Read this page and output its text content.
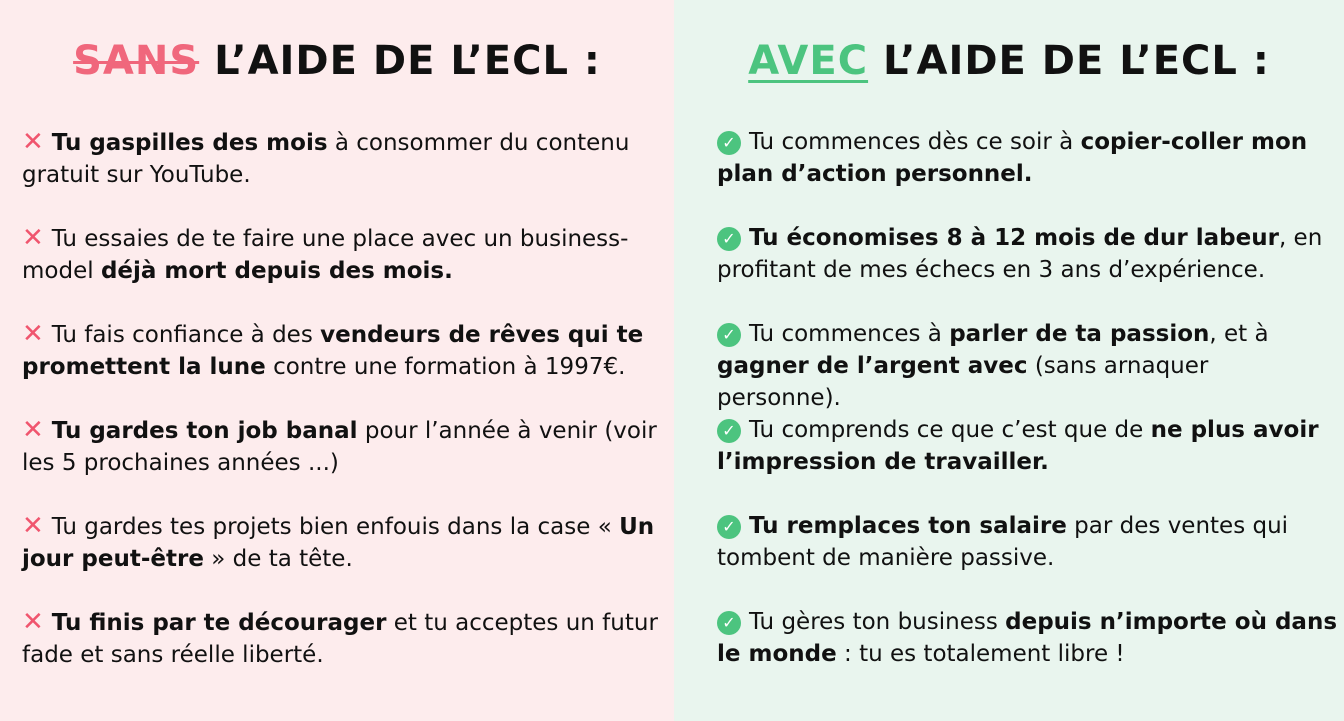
SANS L’AIDE DE L’ECL :	AVEC L’AIDE DE L’ECL :
✕ Tu gaspilles des mois à consommer du contenu gratuit sur YouTube.
✕ Tu essaies de te faire une place avec un business-model déjà mort depuis des mois.
✕ Tu fais confiance à des vendeurs de rêves qui te promettent la lune contre une formation à 1997€.
✕ Tu gardes ton job banal pour l’année à venir (voir les 5 prochaines années ...)
✕ Tu gardes tes projets bien enfouis dans la case « Un jour peut-être » de ta tête.
✕ Tu finis par te décourager et tu acceptes un futur fade et sans réelle liberté.
✓ Tu commences dès ce soir à copier-coller mon plan d’action personnel.
✓ Tu économises 8 à 12 mois de dur labeur, en profitant de mes échecs en 3 ans d’expérience.
✓ Tu commences à parler de ta passion, et à gagner de l’argent avec (sans arnaquer personne).
✓ Tu comprends ce que c’est que de ne plus avoir l’impression de travailler.
✓ Tu remplaces ton salaire par des ventes qui tombent de manière passive.
✓ Tu gères ton business depuis n’importe où dans le monde : tu es totalement libre !
